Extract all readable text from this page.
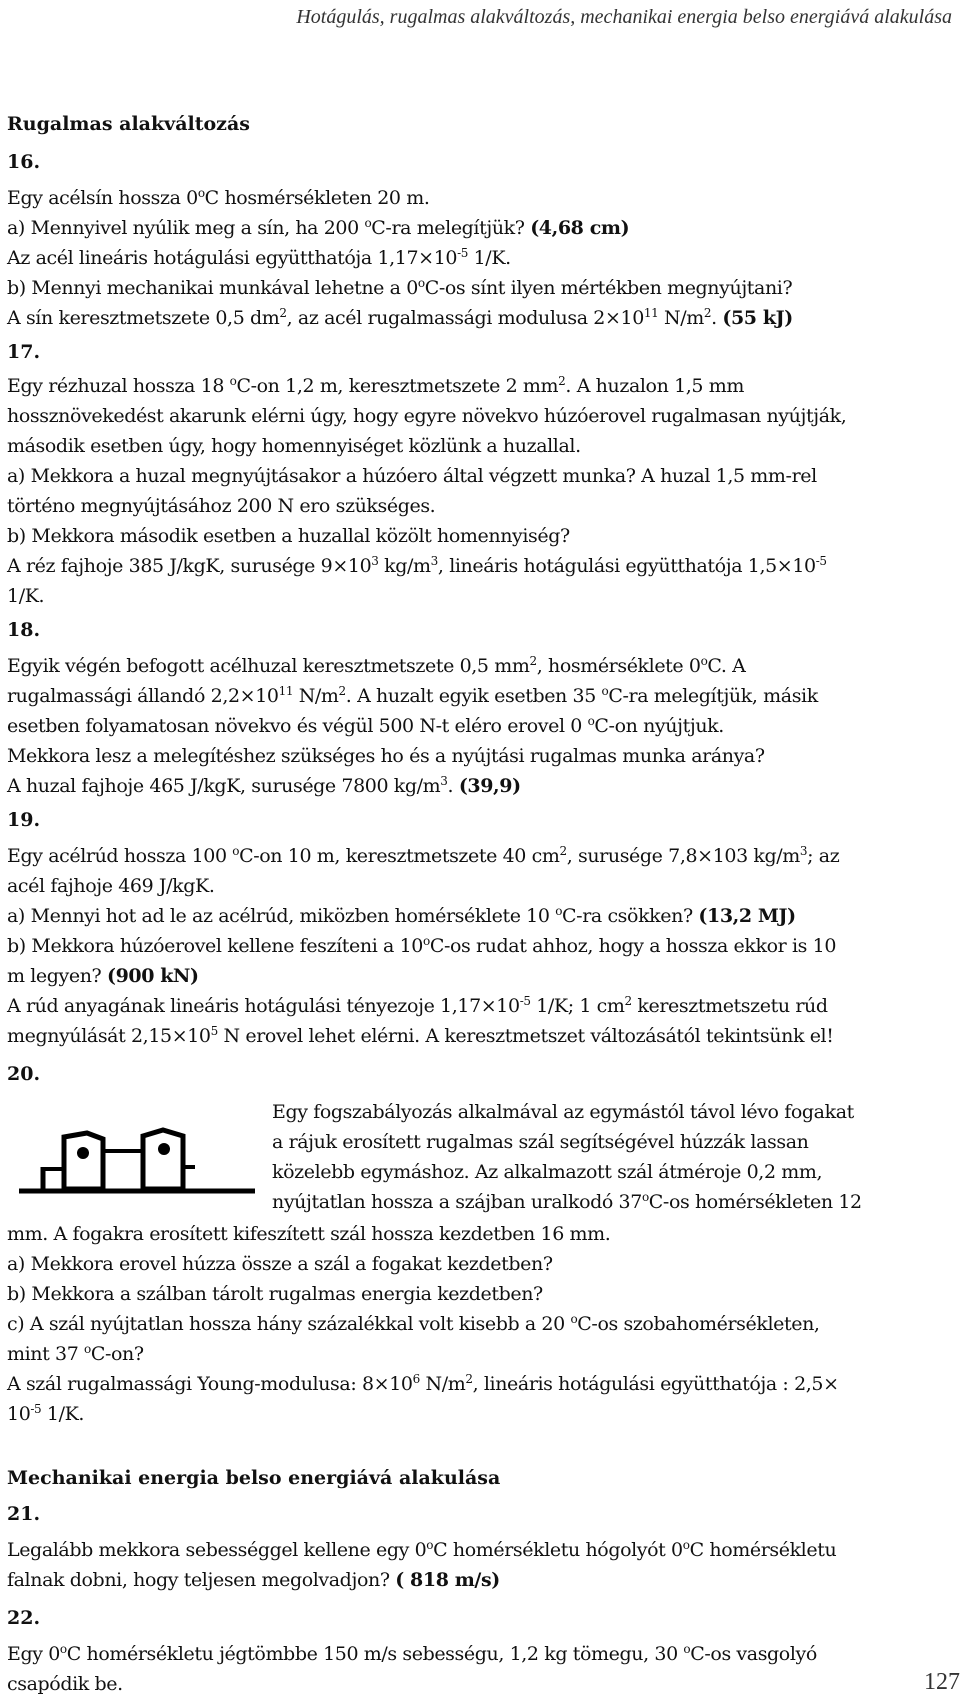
Hotágulás, rugalmas alakváltozás, mechanikai energia belso energiává alakulása

Rugalmas alakváltozás

16.

Egy acélsín hossza 0$^o$C hosmérsékleten 20 m.

a) Mennyivel nyúlik meg a sín, ha 200 $^o$C-ra melegítjük? (4,68 cm)

Az acél lineáris hotágulási együtthatója $1,17\times 10^{-5}$ 1/K.

b) Mennyi mechanikai munkával lehetne a 0$^o$C-os sínt ilyen mértékben megnyújtani?

A sín keresztmetszete 0,5 $dm^2$, az acél rugalmassági modulusa $2\times 10^{11}$ $N/m^2$. (55 kJ)

17.

Egy rézhuzal hossza 18 $^o$C-on 1,2 m, keresztmetszete 2 $mm^2$. A huzalon 1,5 mm

hossznövekedést akarunk elérni úgy, hogy egyre növekvo húzóerovel rugalmasan nyújtják,

második esetben úgy, hogy homennyiséget közlünk a huzallal.

a) Mekkora a huzal megnyújtásakor a húzóero által végzett munka? A huzal 1,5 mm-rel

történo megnyújtásához 200 N ero szükséges.

b) Mekkora második esetben a huzallal közölt homennyiség?

A réz fajhoje 385 J/kgK, surusége $9\times 10^3$ $kg/m^3$, lineáris hotágulási együtthatója $1,5\times 10^{-5}$

1/K.

18.

Egyik végén befogott acélhuzal keresztmetszete 0,5 $mm^2$, hosmérséklete 0$^o$C. A

rugalmassági állandó $2,2\times 10^{11}$ $N/m^2$. A huzalt egyik esetben 35 $^o$C-ra melegítjük, másik

esetben folyamatosan növekvo és végül 500 N-t eléro erovel 0 $^o$C-on nyújtjuk.

Mekkora lesz a melegítéshez szükséges ho és a nyújtási rugalmas munka aránya?

A huzal fajhoje 465 J/kgK, surusége 7800 $kg/m^3$. (39,9)

19.

Egy acélrúd hossza 100 $^o$C-on 10 m, keresztmetszete 40 $cm^2$, surusége 7,8×103 $kg/m^3$; az

acél fajhoje 469 J/kgK.

a) Mennyi hot ad le az acélrúd, miközben homérséklete 10 $^o$C-ra csökken? (13,2 MJ)

b) Mekkora húzóerovel kellene feszíteni a 10$^o$C-os rudat ahhoz, hogy a hossza ekkor is 10

m legyen? (900 kN)

A rúd anyagának lineáris hotágulási tényezoje $1,17\times 10^{-5}$ 1/K; 1 $cm^2$ keresztmetszetu rúd

megnyúlását $2,15\times 10^5$ N erovel lehet elérni. A keresztmetszet változásától tekintsünk el!

20.

Egy fogszabályozás alkalmával az egymástól távol lévo fogakat

a rájuk erosített rugalmas szál segítségével húzzák lassan

közelebb egymáshoz. Az alkalmazott szál átméroje 0,2 mm,

nyújtatlan hossza a szájban uralkodó 37$^o$C-os homérsékleten 12

mm. A fogakra erosített kifeszített szál hossza kezdetben 16 mm.

a) Mekkora erovel húzza össze a szál a fogakat kezdetben?

b) Mekkora a szálban tárolt rugalmas energia kezdetben?

c) A szál nyújtatlan hossza hány százalékkal volt kisebb a 20 $^o$C-os szobahomérsékleten,

mint 37 $^o$C-on?

A szál rugalmassági Young-modulusa: $8\times 10^6$ $N/m^2$, lineáris hotágulási együtthatója : 2,5×

$10^{-5}$ 1/K.

Mechanikai energia belso energiává alakulása

21.

Legalább mekkora sebességgel kellene egy 0$^o$C homérsékletu hógolyót 0$^o$C homérsékletu

falnak dobni, hogy teljesen megolvadjon? ( 818 m/s)

22.

Egy 0$^o$C homérsékletu jégtömbbe 150 m/s sebességu, 1,2 kg tömegu, 30 $^o$C-os vasgolyó

csapódik be.	127
